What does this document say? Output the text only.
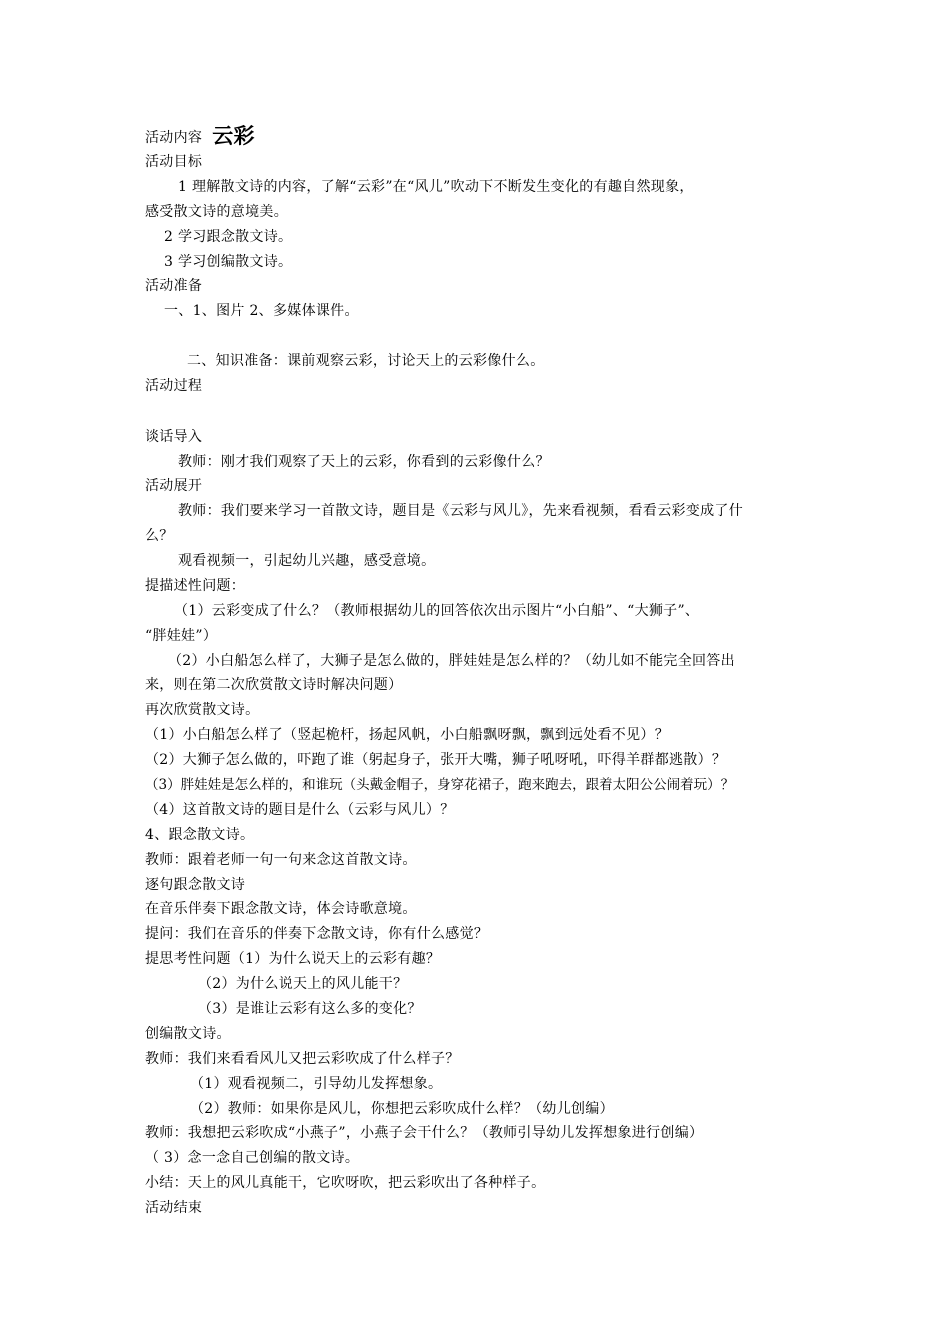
活动内容 云彩
活动目标
1 理解散文诗的内容，了解“云彩”在“风儿”吹动下不断发生变化的有趣自然现象，
感受散文诗的意境美。
2 学习跟念散文诗。
3 学习创编散文诗。
活动准备
一、1、图片 2、多媒体课件。
二、知识准备：课前观察云彩，讨论天上的云彩像什么。
活动过程
谈话导入
教师：刚才我们观察了天上的云彩，你看到的云彩像什么？
活动展开
教师：我们要来学习一首散文诗，题目是《云彩与风儿》，先来看视频，看看云彩变成了什
么？
观看视频一，引起幼儿兴趣，感受意境。
提描述性问题：
（1）云彩变成了什么？（教师根据幼儿的回答依次出示图片“小白船”、“大狮子”、
“胖娃娃”）
（2）小白船怎么样了，大狮子是怎么做的，胖娃娃是怎么样的？（幼儿如不能完全回答出
来，则在第二次欣赏散文诗时解决问题）
再次欣赏散文诗。
（1）小白船怎么样了（竖起桅杆，扬起风帆，小白船飘呀飘，飘到远处看不见）？
（2）大狮子怎么做的，吓跑了谁（躬起身子，张开大嘴，狮子吼呀吼，吓得羊群都逃散）？
（3）胖娃娃是怎么样的，和谁玩（头戴金帽子，身穿花裙子，跑来跑去，跟着太阳公公闹着玩）？
（4）这首散文诗的题目是什么（云彩与风儿）？
4、跟念散文诗。
教师：跟着老师一句一句来念这首散文诗。
逐句跟念散文诗
在音乐伴奏下跟念散文诗，体会诗歌意境。
提问：我们在音乐的伴奏下念散文诗，你有什么感觉？
提思考性问题（1）为什么说天上的云彩有趣？
（2）为什么说天上的风儿能干？
（3）是谁让云彩有这么多的变化？
创编散文诗。
教师：我们来看看风儿又把云彩吹成了什么样子？
（1）观看视频二，引导幼儿发挥想象。
（2）教师：如果你是风儿，你想把云彩吹成什么样？（幼儿创编）
教师：我想把云彩吹成“小燕子”，小燕子会干什么？（教师引导幼儿发挥想象进行创编）
（ 3）念一念自己创编的散文诗。
小结：天上的风儿真能干，它吹呀吹，把云彩吹出了各种样子。
活动结束
